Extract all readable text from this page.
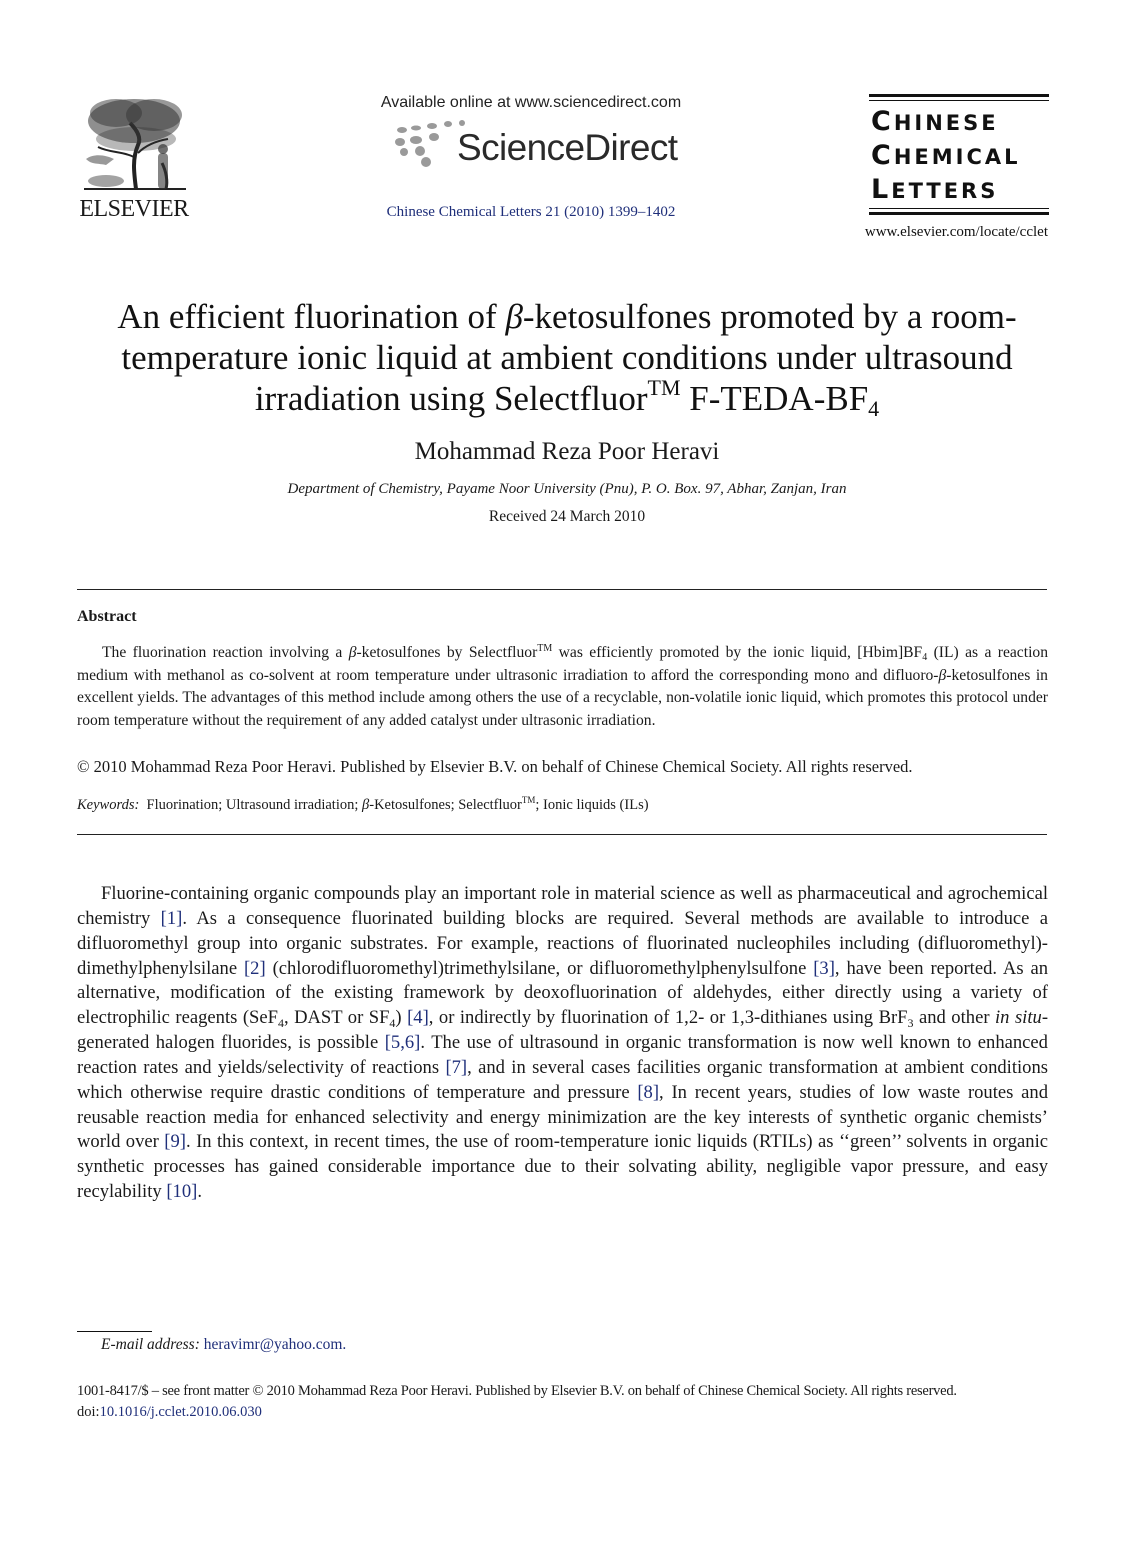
ELSEVIER
Available online at www.sciencedirect.com
ScienceDirect
Chinese Chemical Letters 21 (2010) 1399–1402
CHINESE
CHEMICAL
LETTERS
www.elsevier.com/locate/cclet
An efficient fluorination of β-ketosulfones promoted by a room-temperature ionic liquid at ambient conditions under ultrasound irradiation using Selectfluor™ $F-TEDA-BF_4$
Mohammad Reza Poor Heravi
Department of Chemistry, Payame Noor University (Pnu), P. O. Box. 97, Abhar, Zanjan, Iran
Received 24 March 2010
Abstract
The fluorination reaction involving a β-ketosulfones by Selectfluor™ was efficiently promoted by the ionic liquid, $[Hbim]BF_4$ (IL) as a reaction medium with methanol as co-solvent at room temperature under ultrasonic irradiation to afford the corresponding mono and difluoro-β-ketosulfones in excellent yields. The advantages of this method include among others the use of a recyclable, non-volatile ionic liquid, which promotes this protocol under room temperature without the requirement of any added catalyst under ultrasonic irradiation.
© 2010 Mohammad Reza Poor Heravi. Published by Elsevier B.V. on behalf of Chinese Chemical Society. All rights reserved.
Keywords: Fluorination; Ultrasound irradiation; β-Ketosulfones; Selectfluor™; Ionic liquids (ILs)

Fluorine-containing organic compounds play an important role in material science as well as pharmaceutical and agrochemical chemistry [1]. As a consequence fluorinated building blocks are required. Several methods are available to introduce a difluoromethyl group into organic substrates. For example, reactions of fluorinated nucleophiles including (difluoromethyl)-dimethylphenylsilane [2] (chlorodifluoromethyl)trimethylsilane, or difluoromethylphenylsulfone [3], have been reported. As an alternative, modification of the existing framework by deoxofluorination of aldehydes, either directly using a variety of electrophilic reagents (SeF$_4$, DAST or $SF_4$) [4], or indirectly by fluorination of 1,2- or 1,3-dithianes using BrF$_3$ and other in situ-generated halogen fluorides, is possible [5,6]. The use of ultrasound in organic transformation is now well known to enhanced reaction rates and yields/selectivity of reactions [7], and in several cases facilities organic transformation at ambient conditions which otherwise require drastic conditions of temperature and pressure [8], In recent years, studies of low waste routes and reusable reaction media for enhanced selectivity and energy minimization are the key interests of synthetic organic chemists’ world over [9]. In this context, in recent times, the use of room-temperature ionic liquids (RTILs) as ‘‘green’’ solvents in organic synthetic processes has gained considerable importance due to their solvating ability, negligible vapor pressure, and easy recylability [10].

E-mail address: heravimr@yahoo.com.
1001-8417/$ – see front matter © 2010 Mohammad Reza Poor Heravi. Published by Elsevier B.V. on behalf of Chinese Chemical Society. All rights reserved.
doi:10.1016/j.cclet.2010.06.030
